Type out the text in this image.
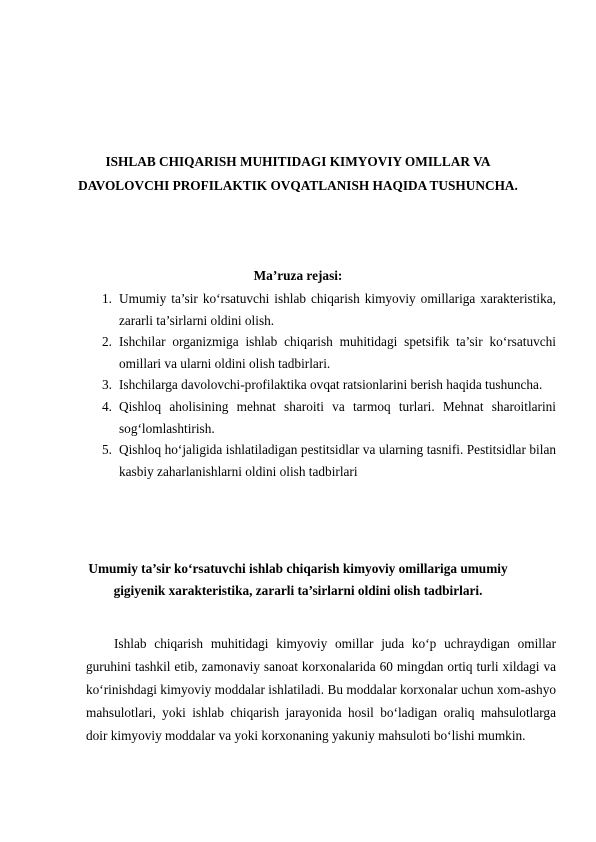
ISHLAB CHIQARISH MUHITIDAGI KIMYOVIY OMILLAR VA

DAVOLOVCHI PROFILAKTIK OVQATLANISH HAQIDA TUSHUNCHA.

Ma’ruza rejasi:

1. Umumiy ta’sir ko‘rsatuvchi ishlab chiqarish kimyoviy omillariga xarakteristika, zararli ta’sirlarni oldini olish.
2. Ishchilar organizmiga ishlab chiqarish muhitidagi spetsifik ta’sir ko‘rsatuvchi omillari va ularni oldini olish tadbirlari.
3. Ishchilarga davolovchi-profilaktika ovqat ratsionlarini berish haqida tushuncha.
4. Qishloq aholisining mehnat sharoiti va tarmoq turlari. Mehnat sharoitlarini sog‘lomlashtirish.
5. Qishloq ho‘jaligida ishlatiladigan pestitsidlar va ularning tasnifi. Pestitsidlar bilan kasbiy zaharlanishlarni oldini olish tadbirlari

Umumiy ta’sir ko‘rsatuvchi ishlab chiqarish kimyoviy omillariga umumiy gigiyenik xarakteristika, zararli ta’sirlarni oldini olish tadbirlari.

Ishlab chiqarish muhitidagi kimyoviy omillar juda ko‘p uchraydigan omillar guruhini tashkil etib, zamonaviy sanoat korxonalarida 60 mingdan ortiq turli xildagi va ko‘rinishdagi kimyoviy moddalar ishlatiladi. Bu moddalar korxonalar uchun xom-ashyo mahsulotlari, yoki ishlab chiqarish jarayonida hosil bo‘ladigan oraliq mahsulotlarga doir kimyoviy moddalar va yoki korxonaning yakuniy mahsuloti bo‘lishi mumkin.
